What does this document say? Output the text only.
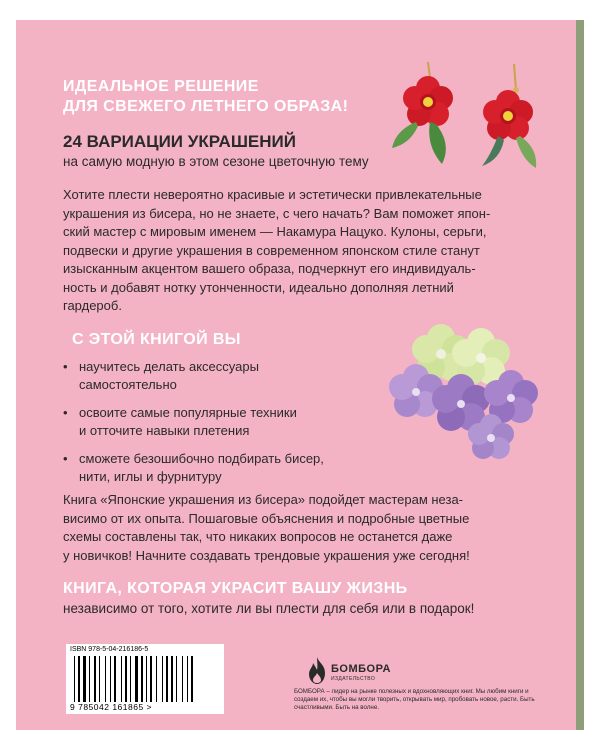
ИДЕАЛЬНОЕ РЕШЕНИЕ
ДЛЯ СВЕЖЕГО ЛЕТНЕГО ОБРАЗА!
24 ВАРИАЦИИ УКРАШЕНИЙ
на самую модную в этом сезоне цветочную тему
Хотите плести невероятно красивые и эстетически привлекательные
украшения из бисера, но не знаете, с чего начать? Вам поможет япон-
ский мастер с мировым именем — Накамура Нацуко. Кулоны, серьги,
подвески и другие украшения в современном японском стиле станут
изысканным акцентом вашего образа, подчеркнут его индивидуаль-
ность и добавят нотку утонченности, идеально дополняя летний
гардероб.
С ЭТОЙ КНИГОЙ ВЫ
• научитесь делать аксессуары
самостоятельно
• освоите самые популярные техники
и отточите навыки плетения
• сможете безошибочно подбирать бисер,
нити, иглы и фурнитуру
Книга «Японские украшения из бисера» подойдет мастерам неза-
висимо от их опыта. Пошаговые объяснения и подробные цветные
схемы составлены так, что никаких вопросов не останется даже
у новичков! Начните создавать трендовые украшения уже сегодня!
КНИГА, КОТОРАЯ УКРАСИТ ВАШУ ЖИЗНЬ
независимо от того, хотите ли вы плести для себя или в подарок!
ISBN 978-5-04-216186-5
9 785042 161865 >
БОМБОРА
ИЗДАТЕЛЬСТВО
БОМБОРА – лидер на рынке полезных и вдохновляющих книг. Мы любим книги и создаем их, чтобы вы могли творить, открывать мир, пробовать новое, расти. Быть счастливыми. Быть на волне.
